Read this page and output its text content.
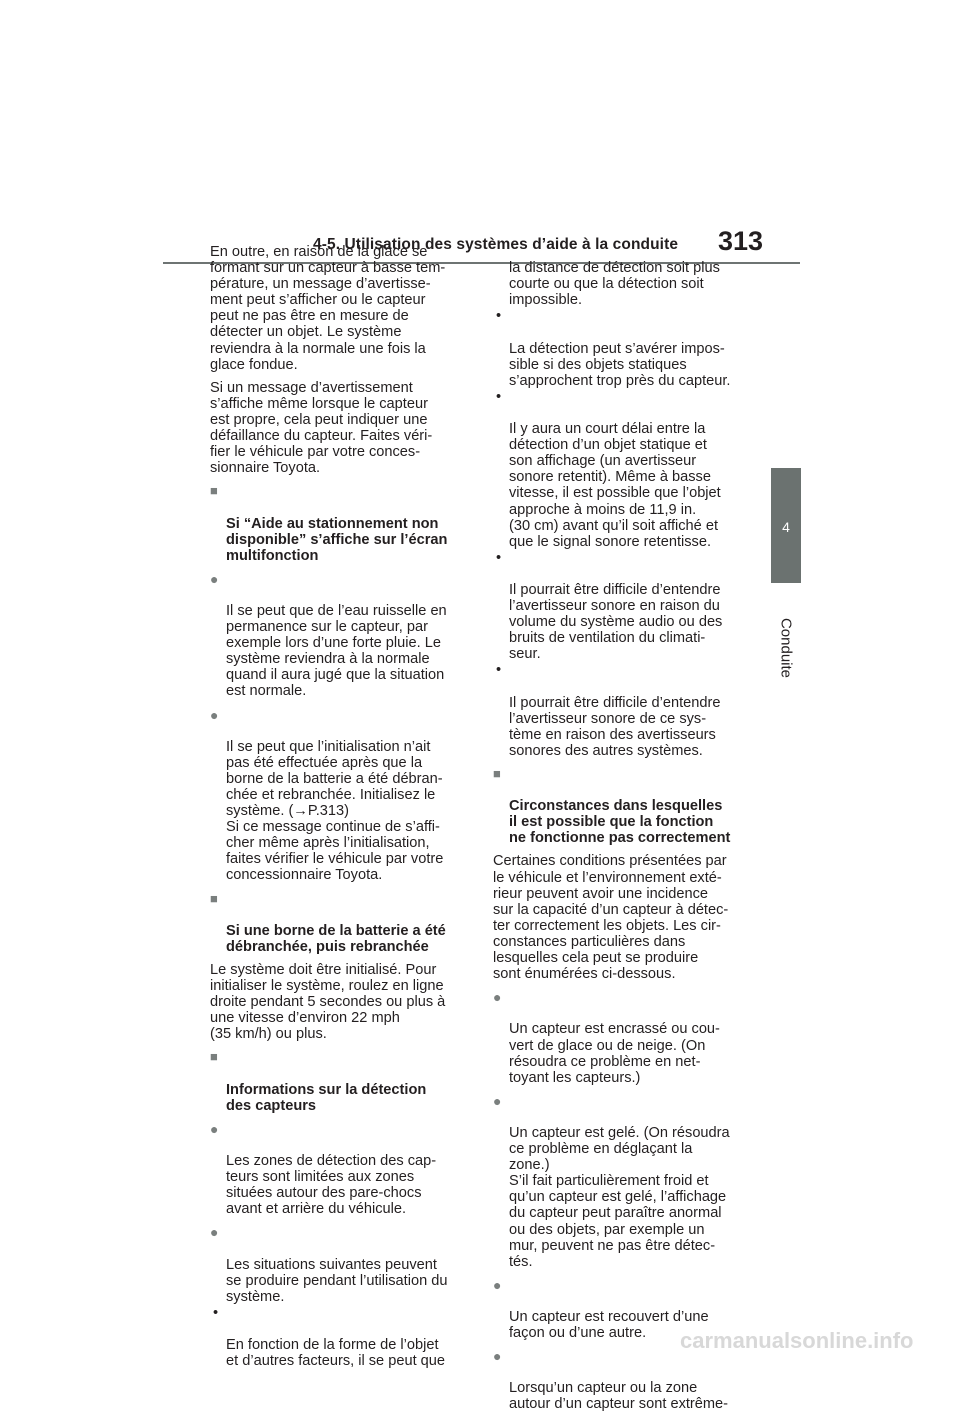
4-5. Utilisation des systèmes d’aide à la conduite 313
4
Conduite
En outre, en raison de la glace se
formant sur un capteur à basse tem-
pérature, un message d’avertisse-
ment peut s’afficher ou le capteur
peut ne pas être en mesure de
détecter un objet. Le système
reviendra à la normale une fois la
glace fondue.
Si un message d’avertissement
s’affiche même lorsque le capteur
est propre, cela peut indiquer une
défaillance du capteur. Faites véri-
fier le véhicule par votre conces-
sionnaire Toyota.

■

Si “Aide au stationnement non
disponible” s’affiche sur l’écran
multifonction

●

Il se peut que de l’eau ruisselle en
permanence sur le capteur, par
exemple lors d’une forte pluie. Le
système reviendra à la normale
quand il aura jugé que la situation
est normale.

●

Il se peut que l’initialisation n’ait
pas été effectuée après que la
borne de la batterie a été débran-
chée et rebranchée. Initialisez le
système. (→P.313)
Si ce message continue de s’affi-
cher même après l’initialisation,
faites vérifier le véhicule par votre
concessionnaire Toyota.

■

Si une borne de la batterie a été
débranchée, puis rebranchée

Le système doit être initialisé. Pour
initialiser le système, roulez en ligne
droite pendant 5 secondes ou plus à
une vitesse d’environ 22 mph
(35 km/h) ou plus.

■

Informations sur la détection
des capteurs

●

Les zones de détection des cap-
teurs sont limitées aux zones
situées autour des pare-chocs
avant et arrière du véhicule.

●

Les situations suivantes peuvent
se produire pendant l’utilisation du
système.

•

En fonction de la forme de l’objet
et d’autres facteurs, il se peut que

la distance de détection soit plus
courte ou que la détection soit
impossible.

•

La détection peut s’avérer impos-
sible si des objets statiques
s’approchent trop près du capteur.

•

Il y aura un court délai entre la
détection d’un objet statique et
son affichage (un avertisseur
sonore retentit). Même à basse
vitesse, il est possible que l’objet
approche à moins de 11,9 in.
(30 cm) avant qu’il soit affiché et
que le signal sonore retentisse.

•

Il pourrait être difficile d’entendre
l’avertisseur sonore en raison du
volume du système audio ou des
bruits de ventilation du climati-
seur.

•

Il pourrait être difficile d’entendre
l’avertisseur sonore de ce sys-
tème en raison des avertisseurs
sonores des autres systèmes.

■

Circonstances dans lesquelles
il est possible que la fonction
ne fonctionne pas correctement

Certaines conditions présentées par
le véhicule et l’environnement exté-
rieur peuvent avoir une incidence
sur la capacité d’un capteur à détec-
ter correctement les objets. Les cir-
constances particulières dans
lesquelles cela peut se produire
sont énumérées ci-dessous.

●

Un capteur est encrassé ou cou-
vert de glace ou de neige. (On
résoudra ce problème en net-
toyant les capteurs.)

●

Un capteur est gelé. (On résoudra
ce problème en déglaçant la
zone.)
S’il fait particulièrement froid et
qu’un capteur est gelé, l’affichage
du capteur peut paraître anormal
ou des objets, par exemple un
mur, peuvent ne pas être détec-
tés.

●

Un capteur est recouvert d’une
façon ou d’une autre.

●

Lorsqu’un capteur ou la zone
autour d’un capteur sont extrême-

carmanualsonline.info
